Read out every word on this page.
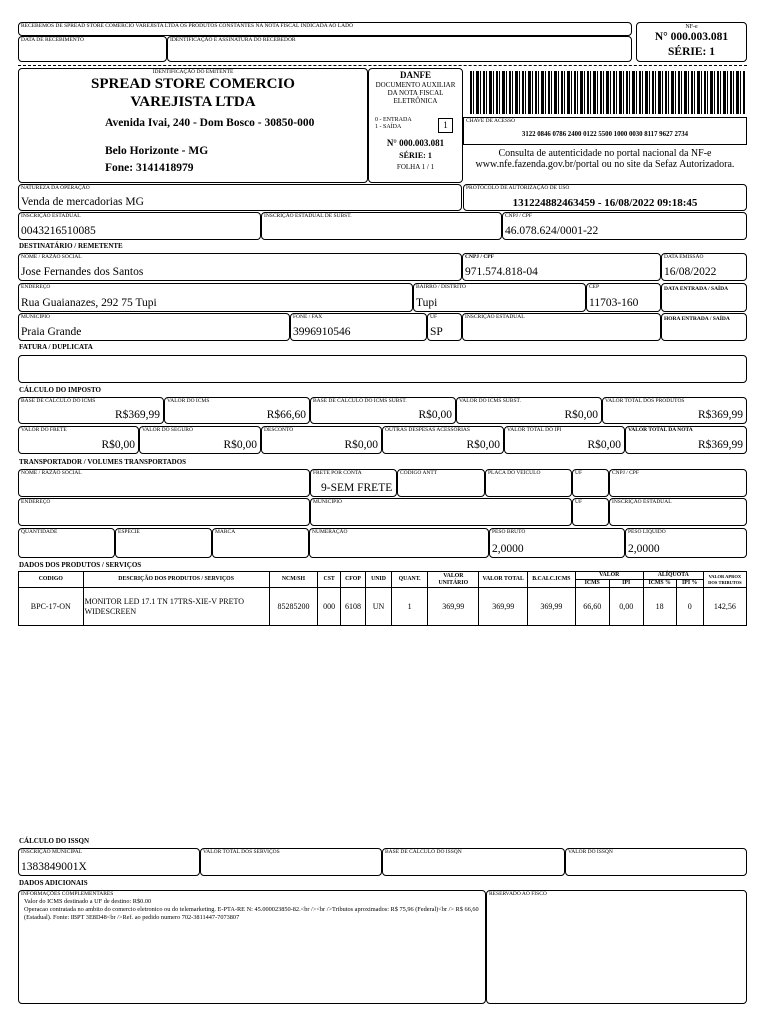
RECEBEMOS DE SPREAD STORE COMERCIO VAREJISTA LTDA OS PRODUTOS CONSTANTES NA NOTA FISCAL INDICADA AO LADO
DATA DE RECEBIMENTO	IDENTIFICAÇÃO E ASSINATURA DO RECEBEDOR
NF-e
N° 000.003.081
SÉRIE: 1
IDENTIFICAÇÃO DO EMITENTE
SPREAD STORE COMERCIO
VAREJISTA LTDA
Avenida Ivai, 240 - Dom Bosco - 30850-000
Belo Horizonte - MG
Fone: 3141418979
DANFE
DOCUMENTO AUXILIAR
DA NOTA FISCAL
ELETRÔNICA
0 - ENTRADA
1 - SAÍDA	1
N° 000.003.081
SÉRIE: 1
FOLHA 1 / 1
CHAVE DE ACESSO
3122 0846 0786 2400 0122 5500 1000 0030 8117 9627 2734
Consulta de autenticidade no portal nacional da NF-e
www.nfe.fazenda.gov.br/portal ou no site da Sefaz Autorizadora.
NATUREZA DA OPERAÇÃO
Venda de mercadorias MG
PROTOCOLO DE AUTORIZAÇÃO DE USO
131224882463459 - 16/08/2022 09:18:45
INSCRIÇÃO ESTADUAL
0043216510085
INSCRIÇÃO ESTADUAL DE SUBST.	CNPJ / CPF
46.078.624/0001-22
DESTINATÁRIO / REMETENTE
NOME / RAZÃO SOCIAL
Jose Fernandes dos Santos
CNPJ / CPF
971.574.818-04
DATA EMISSÃO
16/08/2022
ENDEREÇO
Rua Guaianazes, 292 75 Tupi
BAIRRO / DISTRITO
Tupi
CEP
11703-160
DATA ENTRADA / SAÍDA
MUNICÍPIO
Praia Grande
FONE / FAX
3996910546
UF
SP
INSCRIÇÃO ESTADUAL	HORA ENTRADA / SAÍDA
FATURA / DUPLICATA
CÁLCULO DO IMPOSTO
BASE DE CÁLCULO DO ICMS
R$369,99
VALOR DO ICMS
R$66,60
BASE DE CÁLCULO DO ICMS SUBST.
R$0,00
VALOR DO ICMS SUBST.
R$0,00
VALOR TOTAL DOS PRODUTOS
R$369,99
VALOR DO FRETE
R$0,00
VALOR DO SEGURO
R$0,00
DESCONTO
R$0,00
OUTRAS DESPESAS ACESSÓRIAS
R$0,00
VALOR TOTAL DO IPI
R$0,00
VALOR TOTAL DA NOTA
R$369,99
TRANSPORTADOR / VOLUMES TRANSPORTADOS
NOME / RAZÃO SOCIAL	FRETE POR CONTA
9-SEM FRETE
CÓDIGO ANTT	PLACA DO VEÍCULO	UF	CNPJ / CPF
ENDEREÇO	MUNICÍPIO	UF	INSCRIÇÃO ESTADUAL
QUANTIDADE	ESPÉCIE	MARCA	NUMERAÇÃO	PESO BRUTO
2,0000
PESO LÍQUIDO
2,0000
DADOS DOS PRODUTOS / SERVIÇOS
CODIGO	DESCRIÇÃO DOS PRODUTOS / SERVIÇOS	NCM/SH	CST	CFOP	UNID	QUANT.	VALOR UNITÁRIO	VALOR TOTAL	B.CALC.ICMS	VALOR		ALÍQUOTA		VALOR APROX DOS TRIBUTOS
										ICMS	IPI	ICMS %	IPI %	
BPC-17-ON	MONITOR LED 17.1 TN 17TRS-XIE-V PRETO WIDESCREEN	85285200	000	6108	UN	1	369,99	369,99	369,99	66,60	0,00	18	0	142,56
CÁLCULO DO ISSQN
INSCRIÇÃO MUNICIPAL
1383849001X
VALOR TOTAL DOS SERVIÇOS	BASE DE CÁLCULO DO ISSQN	VALOR DO ISSQN
DADOS ADICIONAIS
INFORMAÇÕES COMPLEMENTARES
Valor do ICMS destinado a UF de destino: R$0.00
Operacao contratada no ambito do comercio eletronico ou do telemarketing. E-PTA-RE N: 45.000023850-82.<br /><br />Tributos aproximados: R$ 75,96 (Federal)<br /> R$ 66,60 (Estadual). Fonte: IBPT 3E8D48<br />Ref. ao pedido numero 702-3811447-7073807
RESERVADO AO FISCO
